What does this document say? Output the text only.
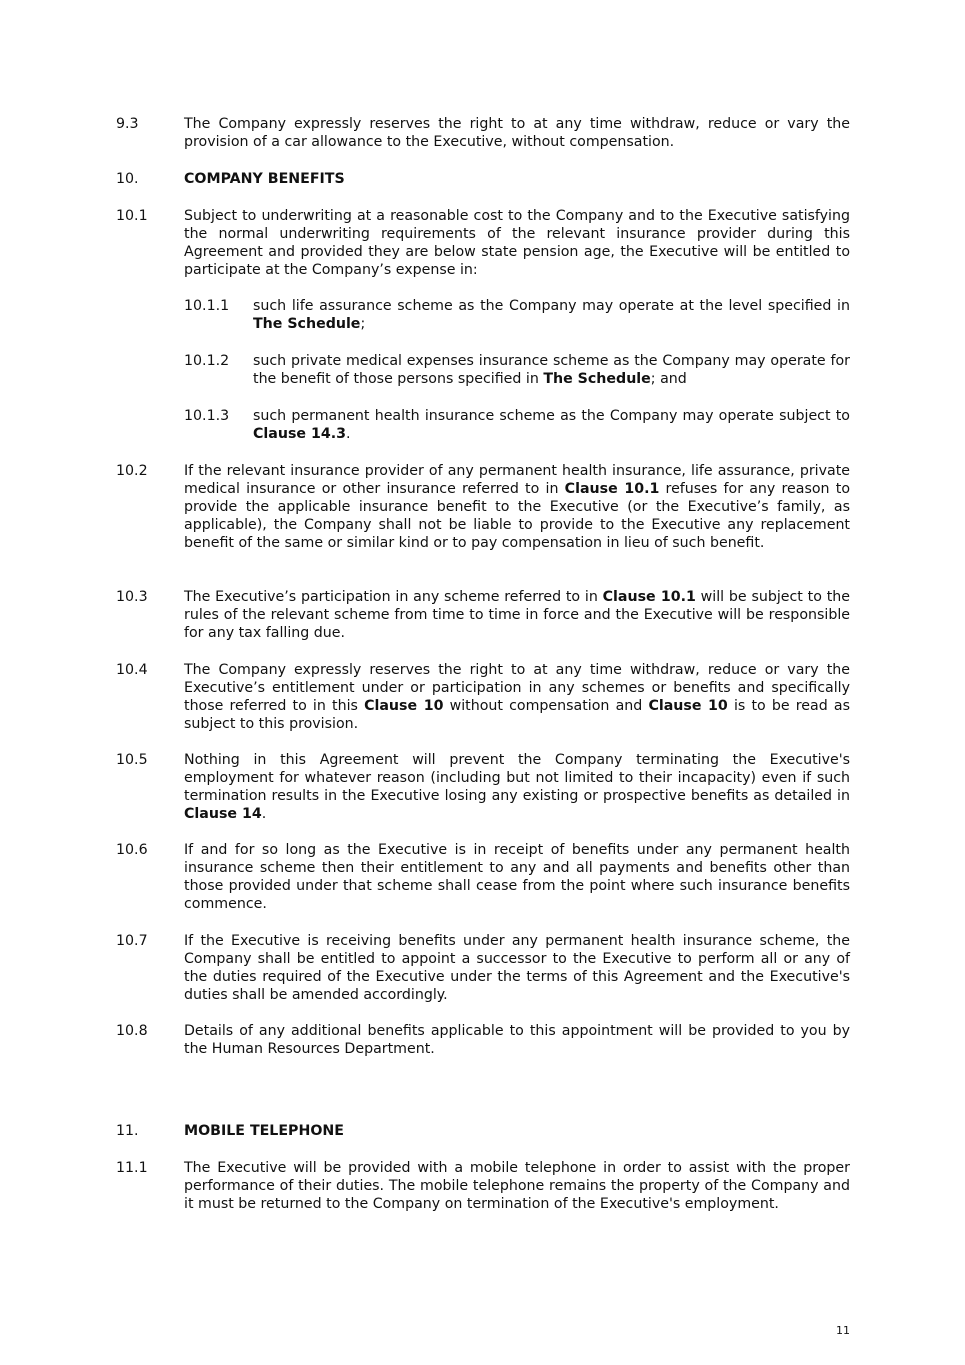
9.3	The Company expressly reserves the right to at any time withdraw, reduce or vary the provision of a car allowance to the Executive, without compensation.
10.	COMPANY BENEFITS
10.1	Subject to underwriting at a reasonable cost to the Company and to the Executive satisfying the normal underwriting requirements of the relevant insurance provider during this Agreement and provided they are below state pension age, the Executive will be entitled to participate at the Company’s expense in:
10.1.1 such life assurance scheme as the Company may operate at the level specified in The Schedule;
10.1.2 such private medical expenses insurance scheme as the Company may operate for the benefit of those persons specified in The Schedule; and
10.1.3 such permanent health insurance scheme as the Company may operate subject to Clause 14.3.
10.2	If the relevant insurance provider of any permanent health insurance, life assurance, private medical insurance or other insurance referred to in Clause 10.1 refuses for any reason to provide the applicable insurance benefit to the Executive (or the Executive’s family, as applicable), the Company shall not be liable to provide to the Executive any replacement benefit of the same or similar kind or to pay compensation in lieu of such benefit.
10.3	The Executive’s participation in any scheme referred to in Clause 10.1 will be subject to the rules of the relevant scheme from time to time in force and the Executive will be responsible for any tax falling due.
10.4	The Company expressly reserves the right to at any time withdraw, reduce or vary the Executive’s entitlement under or participation in any schemes or benefits and specifically those referred to in this Clause 10 without compensation and Clause 10 is to be read as subject to this provision.
10.5	Nothing in this Agreement will prevent the Company terminating the Executive's employment for whatever reason (including but not limited to their incapacity) even if such termination results in the Executive losing any existing or prospective benefits as detailed in Clause 14.
10.6	If and for so long as the Executive is in receipt of benefits under any permanent health insurance scheme then their entitlement to any and all payments and benefits other than those provided under that scheme shall cease from the point where such insurance benefits commence.
10.7	If the Executive is receiving benefits under any permanent health insurance scheme, the Company shall be entitled to appoint a successor to the Executive to perform all or any of the duties required of the Executive under the terms of this Agreement and the Executive's duties shall be amended accordingly.
10.8	Details of any additional benefits applicable to this appointment will be provided to you by the Human Resources Department.
11.	MOBILE TELEPHONE
11.1	The Executive will be provided with a mobile telephone in order to assist with the proper performance of their duties. The mobile telephone remains the property of the Company and it must be returned to the Company on termination of the Executive's employment.
11
